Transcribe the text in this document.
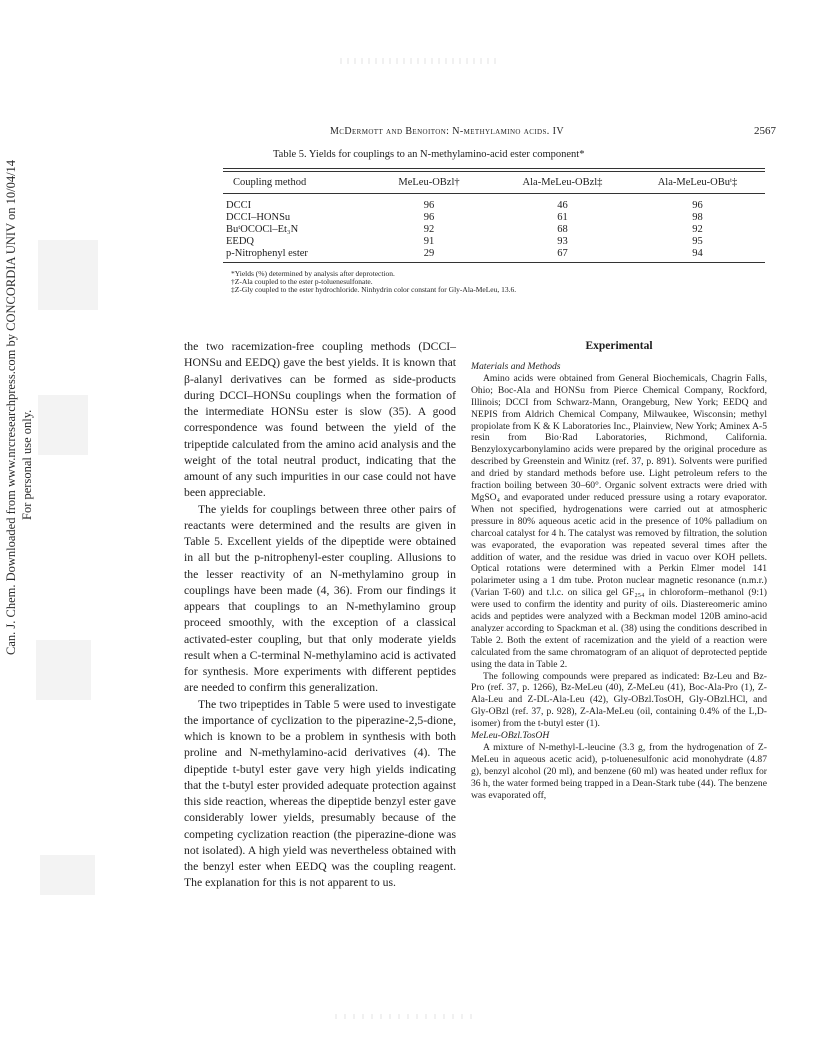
Can. J. Chem. Downloaded from www.nrcresearchpress.com by CONCORDIA UNIV on 10/04/14 For personal use only.
McDermott and Benoiton: N-methylamino acids. IV	2567
Table 5. Yields for couplings to an N-methylamino-acid ester component*
Coupling method	MeLeu-OBzl†	Ala-MeLeu-OBzl‡	Ala-MeLeu-OBuᵗ‡
DCCI	96	46	96
DCCI–HONSu	96	61	98
BuᵗOCOCl–Et₃N	92	68	92
EEDQ	91	93	95
p-Nitrophenyl ester	29	67	94
*Yields (%) determined by analysis after deprotection.
†Z-Ala coupled to the ester p-toluenesulfonate.
‡Z-Gly coupled to the ester hydrochloride. Ninhydrin color constant for Gly-Ala-MeLeu, 13.6.

the two racemization-free coupling methods (DCCI–HONSu and EEDQ) gave the best yields. It is known that β-alanyl derivatives can be formed as side-products during DCCI–HONSu couplings when the formation of the intermediate HONSu ester is slow (35). A good correspondence was found between the yield of the tripeptide calculated from the amino acid analysis and the weight of the total neutral product, indicating that the amount of any such impurities in our case could not have been appreciable.

The yields for couplings between three other pairs of reactants were determined and the results are given in Table 5. Excellent yields of the dipeptide were obtained in all but the p-nitrophenyl-ester coupling. Allusions to the lesser reactivity of an N-methylamino group in couplings have been made (4, 36). From our findings it appears that couplings to an N-methylamino group proceed smoothly, with the exception of a classical activated-ester coupling, but that only moderate yields result when a C-terminal N-methylamino acid is activated for synthesis. More experiments with different peptides are needed to confirm this generalization.

The two tripeptides in Table 5 were used to investigate the importance of cyclization to the piperazine-2,5-dione, which is known to be a problem in synthesis with both proline and N-methylamino-acid derivatives (4). The dipeptide t-butyl ester gave very high yields indicating that the t-butyl ester provided adequate protection against this side reaction, whereas the dipeptide benzyl ester gave considerably lower yields, presumably because of the competing cyclization reaction (the piperazine-dione was not isolated). A high yield was nevertheless obtained with the benzyl ester when EEDQ was the coupling reagent. The explanation for this is not apparent to us.

Experimental

Materials and Methods

Amino acids were obtained from General Biochemicals, Chagrin Falls, Ohio; Boc-Ala and HONSu from Pierce Chemical Company, Rockford, Illinois; DCCI from Schwarz-Mann, Orangeburg, New York; EEDQ and NEPIS from Aldrich Chemical Company, Milwaukee, Wisconsin; methyl propiolate from K & K Laboratories Inc., Plainview, New York; Aminex A-5 resin from Bio·Rad Laboratories, Richmond, California. Benzyloxycarbonylamino acids were prepared by the original procedure as described by Greenstein and Winitz (ref. 37, p. 891). Solvents were purified and dried by standard methods before use. Light petroleum refers to the fraction boiling between 30–60°. Organic solvent extracts were dried with MgSO₄ and evaporated under reduced pressure using a rotary evaporator. When not specified, hydrogenations were carried out at atmospheric pressure in 80% aqueous acetic acid in the presence of 10% palladium on charcoal catalyst for 4 h. The catalyst was removed by filtration, the solution was evaporated, the evaporation was repeated several times after the addition of water, and the residue was dried in vacuo over KOH pellets. Optical rotations were determined with a Perkin Elmer model 141 polarimeter using a 1 dm tube. Proton nuclear magnetic resonance (n.m.r.) (Varian T-60) and t.l.c. on silica gel GF₂₅₄ in chloroform–methanol (9:1) were used to confirm the identity and purity of oils. Diastereomeric amino acids and peptides were analyzed with a Beckman model 120B amino-acid analyzer according to Spackman et al. (38) using the conditions described in Table 2. Both the extent of racemization and the yield of a reaction were calculated from the same chromatogram of an aliquot of deprotected peptide using the data in Table 2.

The following compounds were prepared as indicated: Bz-Leu and Bz-Pro (ref. 37, p. 1266), Bz-MeLeu (40), Z-MeLeu (41), Boc-Ala-Pro (1), Z-Ala-Leu and Z-DL-Ala-Leu (42), Gly-OBzl.TosOH, Gly-OBzl.HCl, and Gly-OBzl (ref. 37, p. 928), Z-Ala-MeLeu (oil, containing 0.4% of the L,D-isomer) from the t-butyl ester (1).

MeLeu-OBzl.TosOH

A mixture of N-methyl-L-leucine (3.3 g, from the hydrogenation of Z-MeLeu in aqueous acetic acid), p-toluenesulfonic acid monohydrate (4.87 g), benzyl alcohol (20 ml), and benzene (60 ml) was heated under reflux for 36 h, the water formed being trapped in a Dean-Stark tube (44). The benzene was evaporated off,
